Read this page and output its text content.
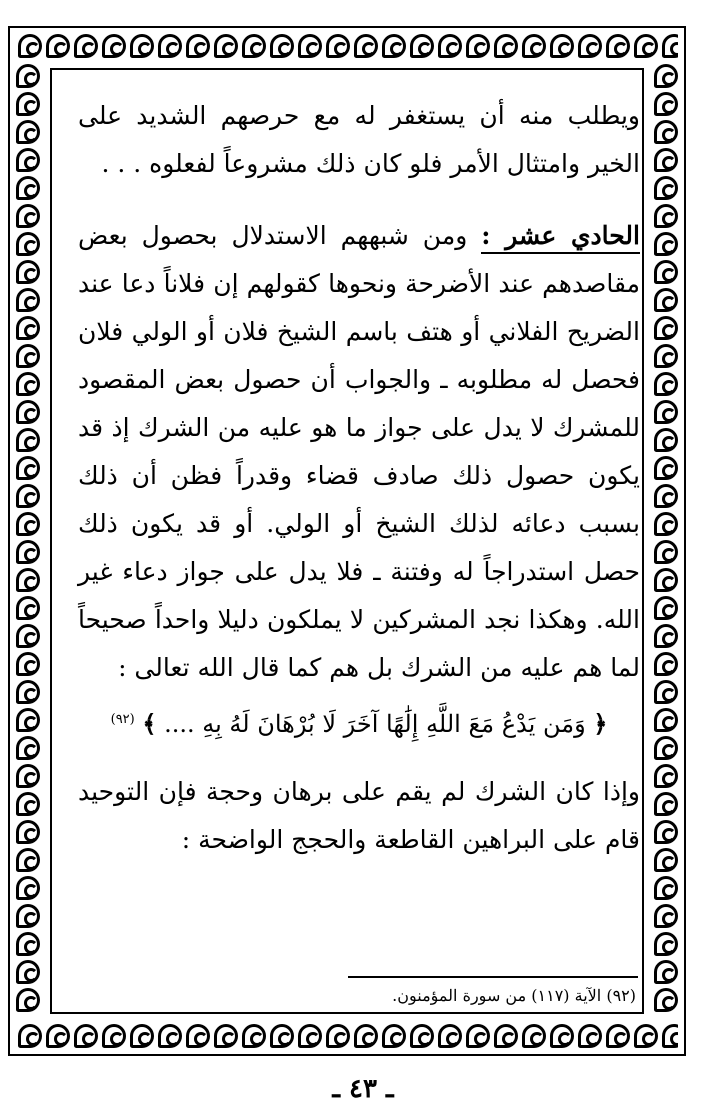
ويطلب منه أن يستغفر له مع حرصهم الشديد على الخير وامتثال الأمر فلو كان ذلك مشروعاً لفعلوه . . .

الحادي عشر : ومن شبههم الاستدلال بحصول بعض مقاصدهم عند الأضرحة ونحوها كقولهم إن فلاناً دعا عند الضريح الفلاني أو هتف باسم الشيخ فلان أو الولي فلان فحصل له مطلوبه ـ والجواب أن حصول بعض المقصود للمشرك لا يدل على جواز ما هو عليه من الشرك إذ قد يكون حصول ذلك صادف قضاء وقدراً فظن أن ذلك بسبب دعائه لذلك الشيخ أو الولي. أو قد يكون ذلك حصل استدراجاً له وفتنة ـ فلا يدل على جواز دعاء غير الله. وهكذا نجد المشركين لا يملكون دليلا واحداً صحيحاً لما هم عليه من الشرك بل هم كما قال الله تعالى :

﴿ وَمَن يَدْعُ مَعَ اللَّهِ إِلَٰهًا آخَرَ لَا بُرْهَانَ لَهُ بِهِ .... ﴾ $^{(٩٢)}$

وإذا كان الشرك لم يقم على برهان وحجة فإن التوحيد قام على البراهين القاطعة والحجج الواضحة :

(٩٢) الآية (١١٧) من سورة المؤمنون.
ـ ٤٣ ـ
